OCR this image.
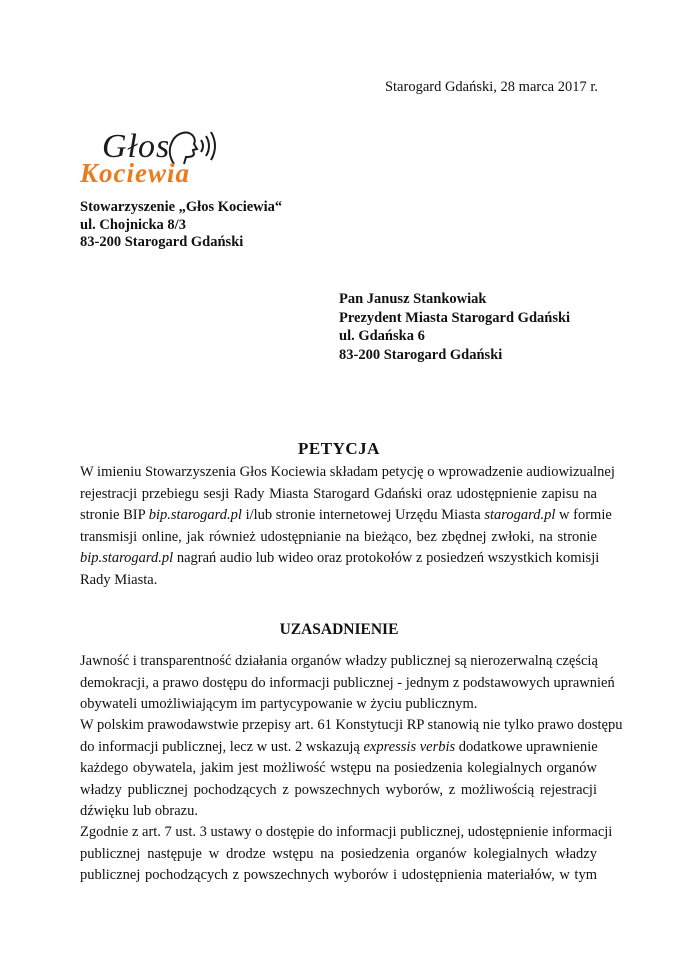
Starogard Gdański, 28 marca 2017 r.
Głos
Kociewia
Stowarzyszenie „Głos Kociewia“
ul. Chojnicka 8/3
83-200 Starogard Gdański
Pan Janusz Stankowiak
Prezydent Miasta Starogard Gdański
ul. Gdańska 6
83-200 Starogard Gdański
PETYCJA
W imieniu Stowarzyszenia Głos Kociewia składam petycję o wprowadzenie audiowizualnej
rejestracji przebiegu sesji Rady Miasta Starogard Gdański oraz udostępnienie zapisu na
stronie BIP bip.starogard.pl i/lub stronie internetowej Urzędu Miasta starogard.pl w formie
transmisji online, jak również udostępnianie na bieżąco, bez zbędnej zwłoki, na stronie
bip.starogard.pl nagrań audio lub wideo oraz protokołów z posiedzeń wszystkich komisji
Rady Miasta.
UZASADNIENIE
Jawność i transparentność działania organów władzy publicznej są nierozerwalną częścią
demokracji, a prawo dostępu do informacji publicznej - jednym z podstawowych uprawnień
obywateli umożliwiającym im partycypowanie w życiu publicznym.
W polskim prawodawstwie przepisy art. 61 Konstytucji RP stanowią nie tylko prawo dostępu
do informacji publicznej, lecz w ust. 2 wskazują expressis verbis dodatkowe uprawnienie
każdego obywatela, jakim jest możliwość wstępu na posiedzenia kolegialnych organów
władzy publicznej pochodzących z powszechnych wyborów, z możliwością rejestracji
dźwięku lub obrazu.
Zgodnie z art. 7 ust. 3 ustawy o dostępie do informacji publicznej, udostępnienie informacji
publicznej następuje w drodze wstępu na posiedzenia organów kolegialnych władzy
publicznej pochodzących z powszechnych wyborów i udostępnienia materiałów, w tym
